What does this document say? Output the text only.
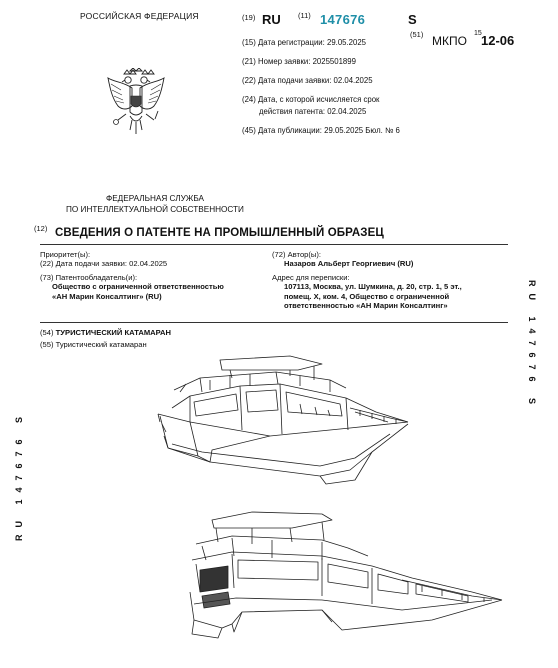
РОССИЙСКАЯ ФЕДЕРАЦИЯ
ФЕДЕРАЛЬНАЯ СЛУЖБА
ПО ИНТЕЛЛЕКТУАЛЬНОЙ СОБСТВЕННОСТИ
(19) RU (11) 147676	S
(51) МКПО
15 12-06
(15) Дата регистрации: 29.05.2025
(21) Номер заявки: 2025501899
(22) Дата подачи заявки: 02.04.2025
(24) Дата, с которой исчисляется срок
действия патента: 02.04.2025
(45) Дата публикации: 29.05.2025 Бюл. № 6
(12) СВЕДЕНИЯ О ПАТЕНТЕ НА ПРОМЫШЛЕННЫЙ ОБРАЗЕЦ
Приоритет(ы):
(22) Дата подачи заявки: 02.04.2025
(73) Патентообладатель(и):
Общество с ограниченной ответственностью
«АН Марин Консалтинг» (RU)
(72) Автор(ы):
Назаров Альберт Георгиевич (RU)
Адрес для переписки:
107113, Москва, ул. Шумкина, д. 20, стр. 1, 5 эт.,
помещ. X, ком. 4, Общество с ограниченной
ответственностью «АН Марин Консалтинг»
(54) ТУРИСТИЧЕСКИЙ КАТАМАРАН
(55) Туристический катамаран
RU 147676 S
RU 147676 S
